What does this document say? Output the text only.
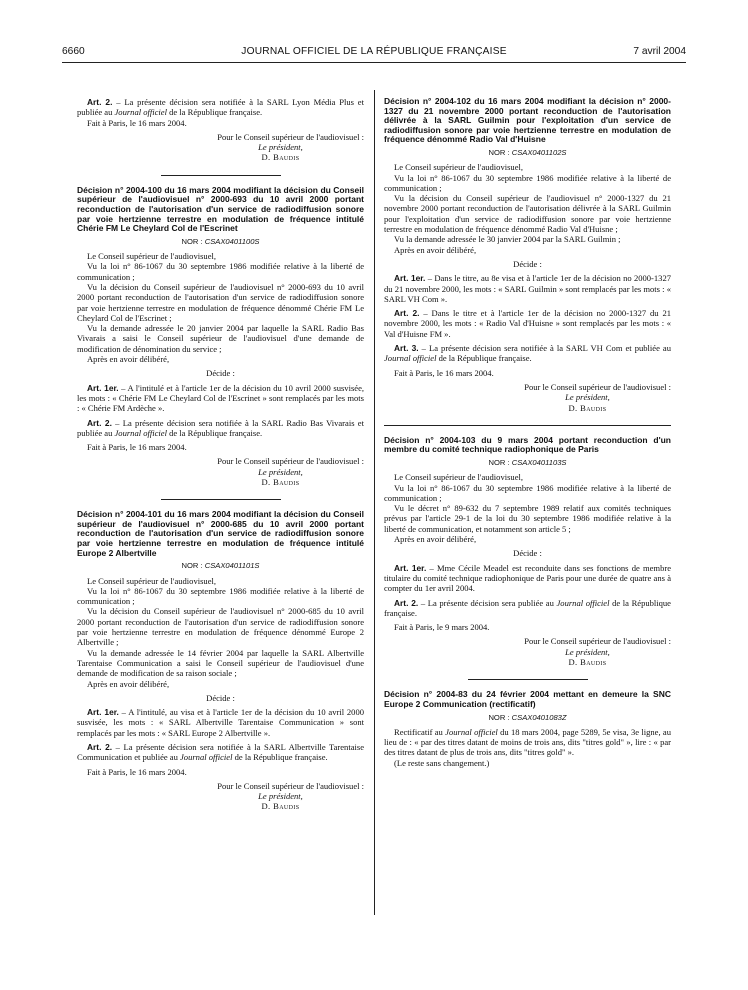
6660	JOURNAL OFFICIEL DE LA RÉPUBLIQUE FRANÇAISE	7 avril 2004

Art. 2. – La présente décision sera notifiée à la SARL Lyon Média Plus et publiée au Journal officiel de la République française.

Fait à Paris, le 16 mars 2004.

Pour le Conseil supérieur de l'audiovisuel :

Le président,

D. Baudis

Décision n° 2004-100 du 16 mars 2004 modifiant la décision du Conseil supérieur de l'audiovisuel n° 2000-693 du 10 avril 2000 portant reconduction de l'autorisation d'un service de radiodiffusion sonore par voie hertzienne terrestre en modulation de fréquence intitulé Chérie FM Le Cheylard Col de l'Escrinet

NOR : CSAX0401100S

Le Conseil supérieur de l'audiovisuel,

Vu la loi n° 86-1067 du 30 septembre 1986 modifiée relative à la liberté de communication ;

Vu la décision du Conseil supérieur de l'audiovisuel n° 2000-693 du 10 avril 2000 portant reconduction de l'autorisation d'un service de radiodiffusion sonore par voie hertzienne terrestre en modulation de fréquence dénommé Chérie FM Le Cheylard Col de l'Escrinet ;

Vu la demande adressée le 20 janvier 2004 par laquelle la SARL Radio Bas Vivarais a saisi le Conseil supérieur de l'audiovisuel d'une demande de modification de dénomination du service ;

Après en avoir délibéré,

Décide :

Art. 1er. – A l'intitulé et à l'article 1er de la décision du 10 avril 2000 susvisée, les mots : « Chérie FM Le Cheylard Col de l'Escrinet » sont remplacés par les mots : « Chérie FM Ardèche ».

Art. 2. – La présente décision sera notifiée à la SARL Radio Bas Vivarais et publiée au Journal officiel de la République française.

Fait à Paris, le 16 mars 2004.

Pour le Conseil supérieur de l'audiovisuel :

Le président,

D. Baudis

Décision n° 2004-101 du 16 mars 2004 modifiant la décision du Conseil supérieur de l'audiovisuel n° 2000-685 du 10 avril 2000 portant reconduction de l'autorisation d'un service de radiodiffusion sonore par voie hertzienne terrestre en modulation de fréquence intitulé Europe 2 Albertville

NOR : CSAX0401101S

Le Conseil supérieur de l'audiovisuel,

Vu la loi n° 86-1067 du 30 septembre 1986 modifiée relative à la liberté de communication ;

Vu la décision du Conseil supérieur de l'audiovisuel n° 2000-685 du 10 avril 2000 portant reconduction de l'autorisation d'un service de radiodiffusion sonore par voie hertzienne terrestre en modulation de fréquence dénommé Europe 2 Albertville ;

Vu la demande adressée le 14 février 2004 par laquelle la SARL Albertville Tarentaise Communication a saisi le Conseil supérieur de l'audiovisuel d'une demande de modification de sa raison sociale ;

Après en avoir délibéré,

Décide :

Art. 1er. – A l'intitulé, au visa et à l'article 1er de la décision du 10 avril 2000 susvisée, les mots : « SARL Albertville Tarentaise Communication » sont remplacés par les mots : « SARL Europe 2 Albertville ».

Art. 2. – La présente décision sera notifiée à la SARL Albertville Tarentaise Communication et publiée au Journal officiel de la République française.

Fait à Paris, le 16 mars 2004.

Pour le Conseil supérieur de l'audiovisuel :

Le président,

D. Baudis

Décision n° 2004-102 du 16 mars 2004 modifiant la décision n° 2000-1327 du 21 novembre 2000 portant reconduction de l'autorisation délivrée à la SARL Guilmin pour l'exploitation d'un service de radiodiffusion sonore par voie hertzienne terrestre en modulation de fréquence dénommé Radio Val d'Huisne

NOR : CSAX0401102S

Le Conseil supérieur de l'audiovisuel,

Vu la loi n° 86-1067 du 30 septembre 1986 modifiée relative à la liberté de communication ;

Vu la décision du Conseil supérieur de l'audiovisuel n° 2000-1327 du 21 novembre 2000 portant reconduction de l'autorisation délivrée à la SARL Guilmin pour l'exploitation d'un service de radiodiffusion sonore par voie hertzienne terrestre en modulation de fréquence dénommé Radio Val d'Huisne ;

Vu la demande adressée le 30 janvier 2004 par la SARL Guilmin ;

Après en avoir délibéré,

Décide :

Art. 1er. – Dans le titre, au 8e visa et à l'article 1er de la décision no 2000-1327 du 21 novembre 2000, les mots : « SARL Guilmin » sont remplacés par les mots : « SARL VH Com ».

Art. 2. – Dans le titre et à l'article 1er de la décision no 2000-1327 du 21 novembre 2000, les mots : « Radio Val d'Huisne » sont remplacés par les mots : « Val d'Huisne FM ».

Art. 3. – La présente décision sera notifiée à la SARL VH Com et publiée au Journal officiel de la République française.

Fait à Paris, le 16 mars 2004.

Pour le Conseil supérieur de l'audiovisuel :

Le président,

D. Baudis

Décision n° 2004-103 du 9 mars 2004 portant reconduction d'un membre du comité technique radiophonique de Paris

NOR : CSAX0401103S

Le Conseil supérieur de l'audiovisuel,

Vu la loi n° 86-1067 du 30 septembre 1986 modifiée relative à la liberté de communication ;

Vu le décret n° 89-632 du 7 septembre 1989 relatif aux comités techniques prévus par l'article 29-1 de la loi du 30 septembre 1986 modifiée relative à la liberté de communication, et notamment son article 5 ;

Après en avoir délibéré,

Décide :

Art. 1er. – Mme Cécile Meadel est reconduite dans ses fonctions de membre titulaire du comité technique radiophonique de Paris pour une durée de quatre ans à compter du 1er avril 2004.

Art. 2. – La présente décision sera publiée au Journal officiel de la République française.

Fait à Paris, le 9 mars 2004.

Pour le Conseil supérieur de l'audiovisuel :

Le président,

D. Baudis

Décision n° 2004-83 du 24 février 2004 mettant en demeure la SNC Europe 2 Communication (rectificatif)

NOR : CSAX0401083Z

Rectificatif au Journal officiel du 18 mars 2004, page 5289, 5e visa, 3e ligne, au lieu de : « par des titres datant de moins de trois ans, dits "titres gold" », lire : « par des titres datant de plus de trois ans, dits "titres gold" ».

(Le reste sans changement.)
